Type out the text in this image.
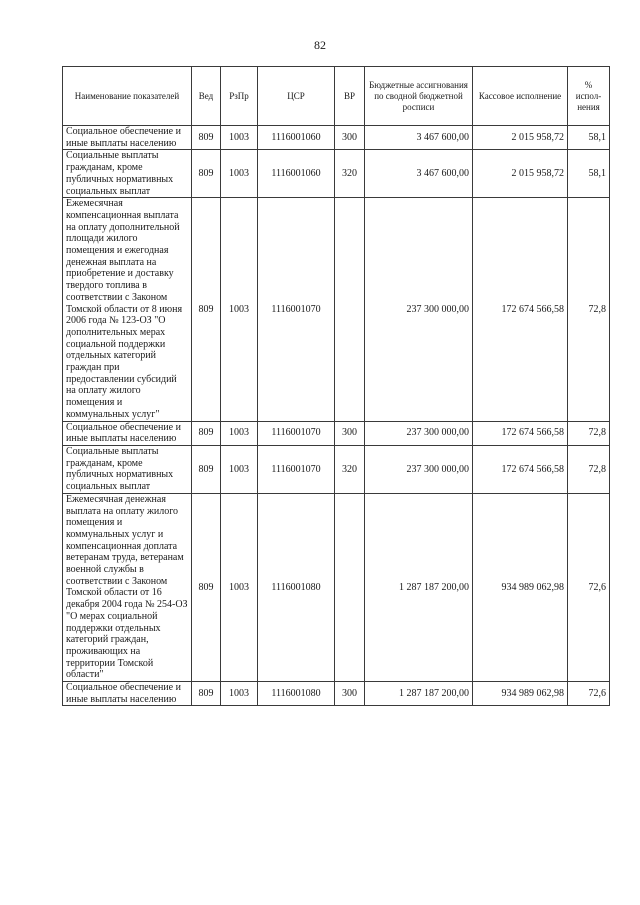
82
Наименование показателей	Вед	РзПр	ЦСР	ВР	Бюджетные ассигнования по сводной бюджетной росписи	Кассовое исполнение	% испол- нения
Социальное обеспечение и иные выплаты населению	809	1003	1116001060	300	3 467 600,00	2 015 958,72	58,1
Социальные выплаты гражданам, кроме публичных нормативных социальных выплат	809	1003	1116001060	320	3 467 600,00	2 015 958,72	58,1
Ежемесячная компенсационная выплата на оплату дополнительной площади жилого помещения и ежегодная денежная выплата на приобретение и доставку твердого топлива в соответствии с Законом Томской области от 8 июня 2006 года № 123-ОЗ "О дополнительных мерах социальной поддержки отдельных категорий граждан при предоставлении субсидий на оплату жилого помещения и коммунальных услуг"	809	1003	1116001070		237 300 000,00	172 674 566,58	72,8
Социальное обеспечение и иные выплаты населению	809	1003	1116001070	300	237 300 000,00	172 674 566,58	72,8
Социальные выплаты гражданам, кроме публичных нормативных социальных выплат	809	1003	1116001070	320	237 300 000,00	172 674 566,58	72,8
Ежемесячная денежная выплата на оплату жилого помещения и коммунальных услуг и компенсационная доплата ветеранам труда, ветеранам военной службы в соответствии с Законом Томской области от 16 декабря 2004 года № 254-ОЗ "О мерах социальной поддержки отдельных категорий граждан, проживающих на территории Томской области"	809	1003	1116001080		1 287 187 200,00	934 989 062,98	72,6
Социальное обеспечение и иные выплаты населению	809	1003	1116001080	300	1 287 187 200,00	934 989 062,98	72,6
